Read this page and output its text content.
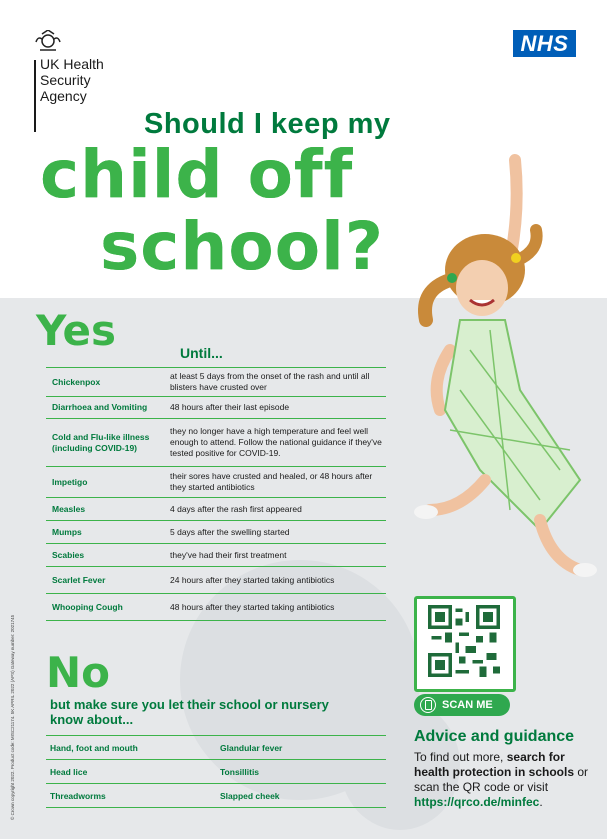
UK Health
Security
Agency
NHS
Should I keep my
child off
school?
Yes	Until...
Chickenpox	at least 5 days from the onset of the rash and until all blisters have crusted over
Diarrhoea and Vomiting	48 hours after their last episode
Cold and Flu-like illness (including COVID-19)	they no longer have a high temperature and feel well enough to attend. Follow the national guidance if they've tested positive for COVID-19.
Impetigo	their sores have crusted and healed, or 48 hours after they started antibiotics
Measles	4 days after the rash first appeared
Mumps	5 days after the swelling started
Scabies	they've had their first treatment
Scarlet Fever	24 hours after they started taking antibiotics
Whooping Cough	48 hours after they started taking antibiotics
No
but make sure you let their school or nursery know about...
Hand, foot and mouth	Glandular fever
Head lice	Tonsillitis
Threadworms	Slapped cheek
SCAN ME
Advice and guidance
To find out more, search for health protection in schools or scan the QR code or visit https://qrco.de/minfec.
© Crown copyright 2022. Product code: MISC21174. 5K APRIL 2022 (APS) Gateway number: 2021745
